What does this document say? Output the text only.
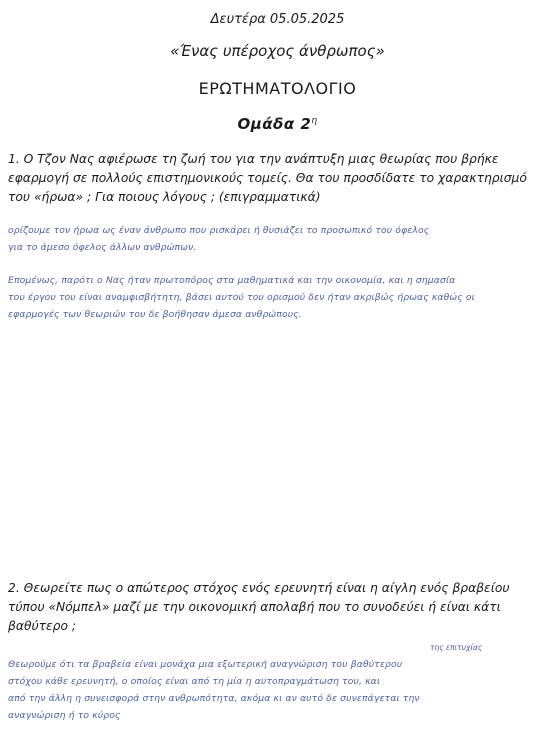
Δευτέρα 05.05.2025
«Ένας υπέροχος άνθρωπος»
ΕΡΩΤΗΜΑΤΟΛΟΓΙΟ
Ομάδα $2^\eta$
1. Ο Τζον Νας αφιέρωσε τη ζωή του για την ανάπτυξη μιας θεωρίας που βρήκε εφαρμογή σε πολλούς επιστημονικούς τομείς. Θα του προσδίδατε το χαρακτηρισμό του «ήρωα» ; Για ποιους λόγους ; (επιγραμματικά)
ορίζουμε τον ήρωα ως έναν άνθρωπο που ρισκάρει ή θυσιάζει το προσωπικό του όφελος
για το άμεσο όφελος άλλων ανθρώπων.
Επομένως, παρότι ο Νας ήταν πρωτοπόρος στα μαθηματικά και την οικονομία, και η σημασία
του έργου του είναι αναμφισβήτητη, βάσει αυτού του ορισμού δεν ήταν ακριβώς ήρωας καθώς οι
εφαρμογές των θεωριών του δε βοήθησαν άμεσα ανθρώπους.
2. Θεωρείτε πως ο απώτερος στόχος ενός ερευνητή είναι η αίγλη ενός βραβείου τύπου «Νόμπελ» μαζί με την οικονομική απολαβή που το συνοδεύει ή είναι κάτι βαθύτερο ;
της επιτυχίας
Θεωρούμε ότι τα βραβεία είναι μονάχα μια εξωτερική αναγνώριση του βαθύτερου
στόχου κάθε ερευνητή, ο οποίος είναι από τη μία η αυτοπραγμάτωση του, και
από την άλλη η συνεισφορά στην ανθρωπότητα, ακόμα κι αν αυτό δε συνεπάγεται την
αναγνώριση ή το κύρος
